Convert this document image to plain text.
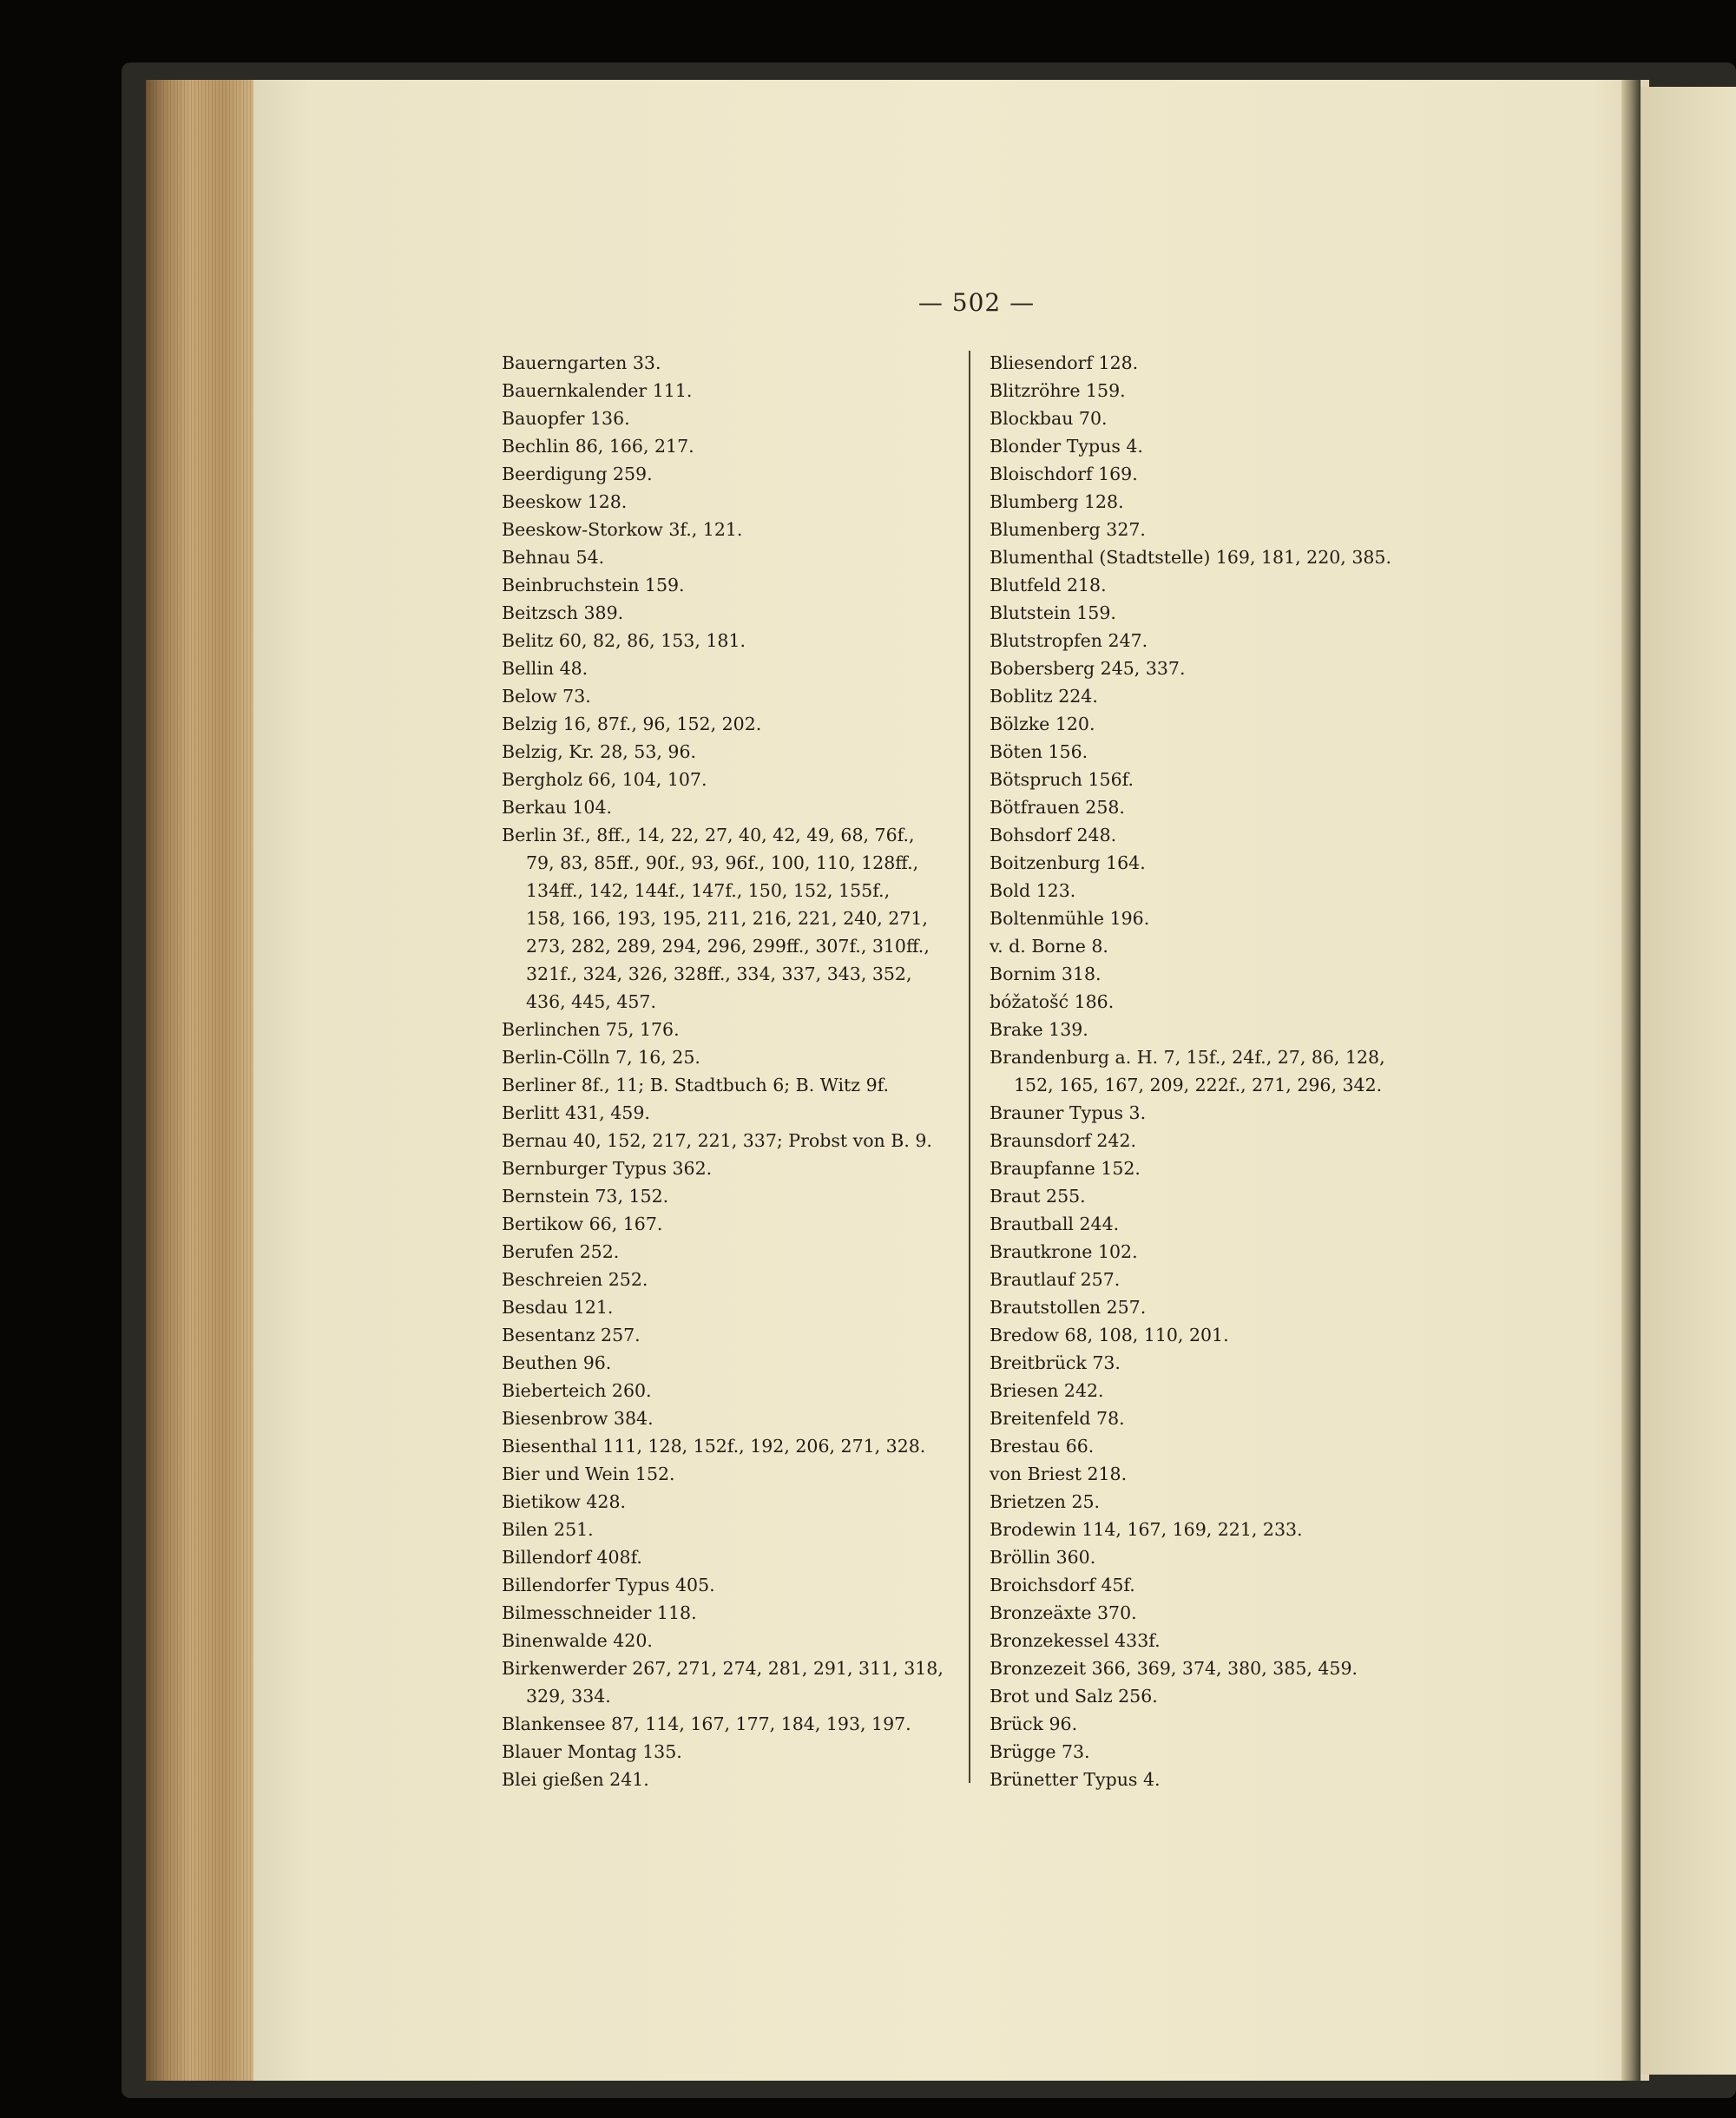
— 502 —
Bauerngarten 33.
Bauernkalender 111.
Bauopfer 136.
Bechlin 86, 166, 217.
Beerdigung 259.
Beeskow 128.
Beeskow-Storkow 3f., 121.
Behnau 54.
Beinbruchstein 159.
Beitzsch 389.
Belitz 60, 82, 86, 153, 181.
Bellin 48.
Below 73.
Belzig 16, 87f., 96, 152, 202.
Belzig, Kr. 28, 53, 96.
Bergholz 66, 104, 107.
Berkau 104.
Berlin 3f., 8ff., 14, 22, 27, 40, 42, 49, 68, 76f.,
79, 83, 85ff., 90f., 93, 96f., 100, 110, 128ff.,
134ff., 142, 144f., 147f., 150, 152, 155f.,
158, 166, 193, 195, 211, 216, 221, 240, 271,
273, 282, 289, 294, 296, 299ff., 307f., 310ff.,
321f., 324, 326, 328ff., 334, 337, 343, 352,
436, 445, 457.
Berlinchen 75, 176.
Berlin-Cölln 7, 16, 25.
Berliner 8f., 11; B. Stadtbuch 6; B. Witz 9f.
Berlitt 431, 459.
Bernau 40, 152, 217, 221, 337; Probst von B. 9.
Bernburger Typus 362.
Bernstein 73, 152.
Bertikow 66, 167.
Berufen 252.
Beschreien 252.
Besdau 121.
Besentanz 257.
Beuthen 96.
Bieberteich 260.
Biesenbrow 384.
Biesenthal 111, 128, 152f., 192, 206, 271, 328.
Bier und Wein 152.
Bietikow 428.
Bilen 251.
Billendorf 408f.
Billendorfer Typus 405.
Bilmesschneider 118.
Binenwalde 420.
Birkenwerder 267, 271, 274, 281, 291, 311, 318,
329, 334.
Blankensee 87, 114, 167, 177, 184, 193, 197.
Blauer Montag 135.
Blei gießen 241.
Bliesendorf 128.
Blitzröhre 159.
Blockbau 70.
Blonder Typus 4.
Bloischdorf 169.
Blumberg 128.
Blumenberg 327.
Blumenthal (Stadtstelle) 169, 181, 220, 385.
Blutfeld 218.
Blutstein 159.
Blutstropfen 247.
Bobersberg 245, 337.
Boblitz 224.
Bölzke 120.
Böten 156.
Bötspruch 156f.
Bötfrauen 258.
Bohsdorf 248.
Boitzenburg 164.
Bold 123.
Boltenmühle 196.
v. d. Borne 8.
Bornim 318.
bóžatošć 186.
Brake 139.
Brandenburg a. H. 7, 15f., 24f., 27, 86, 128,
152, 165, 167, 209, 222f., 271, 296, 342.
Brauner Typus 3.
Braunsdorf 242.
Braupfanne 152.
Braut 255.
Brautball 244.
Brautkrone 102.
Brautlauf 257.
Brautstollen 257.
Bredow 68, 108, 110, 201.
Breitbrück 73.
Briesen 242.
Breitenfeld 78.
Brestau 66.
von Briest 218.
Brietzen 25.
Brodewin 114, 167, 169, 221, 233.
Bröllin 360.
Broichsdorf 45f.
Bronzeäxte 370.
Bronzekessel 433f.
Bronzezeit 366, 369, 374, 380, 385, 459.
Brot und Salz 256.
Brück 96.
Brügge 73.
Brünetter Typus 4.
